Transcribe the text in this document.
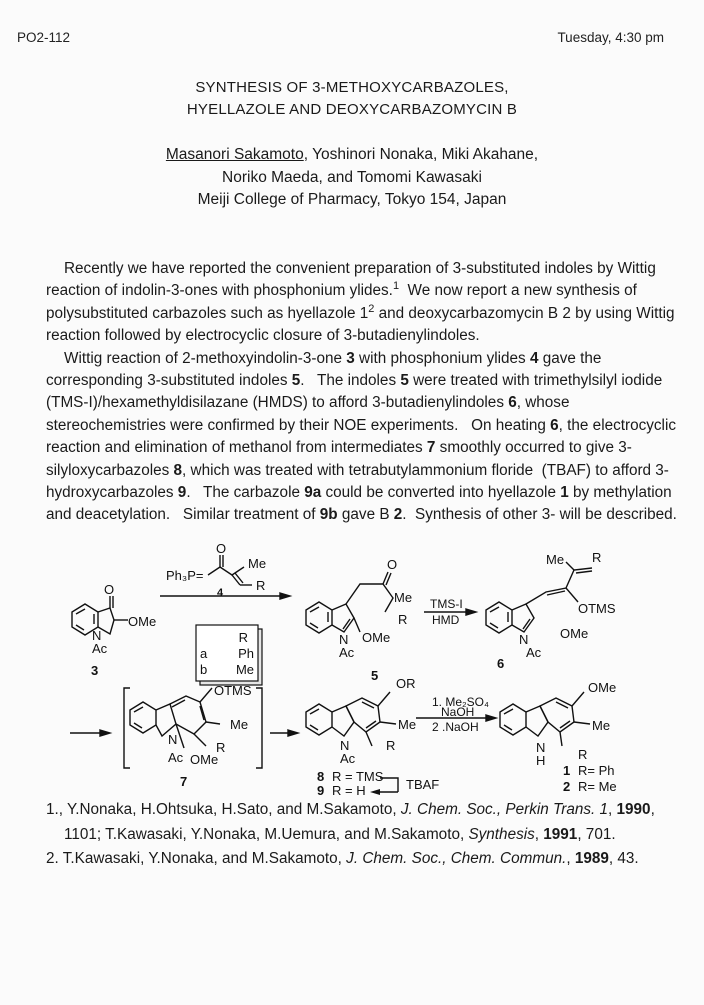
PO2-112	Tuesday, 4:30 pm
SYNTHESIS OF 3-METHOXYCARBAZOLES,
HYELLAZOLE AND DEOXYCARBAZOMYCIN B
Masanori Sakamoto, Yoshinori Nonaka, Miki Akahane,
Noriko Maeda, and Tomomi Kawasaki
Meiji College of Pharmacy, Tokyo 154, Japan

Recently we have reported the convenient preparation of 3-substituted indoles by Wittig reaction of indolin-3-ones with phosphonium ylides.$^1$  We now report a new synthesis of polysubstituted carbazoles such as hyellazole $1^2$ and deoxycarbazomycin B 2 by using Wittig reaction followed by electrocyclic closure of 3-butadienylindoles.

Wittig reaction of 2-methoxyindolin-3-one 3 with phosphonium ylides 4 gave the corresponding 3-substituted indoles 5.   The indoles 5 were treated with trimethylsilyl iodide (TMS-I)/hexamethyldisilazane (HMDS) to afford 3-butadienylindoles 6, whose stereochemistries were confirmed by their NOE experiments.   On heating 6, the electrocyclic reaction and elimination of methanol from intermediates 7 smoothly occurred to give 3-silyloxycarbazoles 8, which was treated with tetrabutylammonium floride  (TBAF) to afford 3-hydroxycarbazoles 9.   The carbazole 9a could be converted into hyellazole 1 by methylation and deacetylation.   Similar treatment of 9b gave B 2.  Synthesis of other 3- will be described.

R
a Ph
b Me
O
OMe
N
Ac
3
Ph₃P=
O
Me
R
4
O
Me
R
N
Ac
OMe
5
TMS-I
HMD
Me R
OTMS
N
Ac
OMe
6
OTMS
Me
R
N
Ac OMe
7
OR
Me
R
N
Ac
8 R = TMS
9 R = H	TBAF
1. Me₂SO₄
NaOH
2 .NaOH
OMe
Me
R
N
H
1 R= Ph
2 R= Me
1., Y.Nonaka, H.Ohtsuka, H.Sato, and M.Sakamoto, J. Chem. Soc., Perkin Trans. 1, 1990, 1101; T.Kawasaki, Y.Nonaka, M.Uemura, and M.Sakamoto, Synthesis, 1991, 701.
2. T.Kawasaki, Y.Nonaka, and M.Sakamoto, J. Chem. Soc., Chem. Commun., 1989, 43.
